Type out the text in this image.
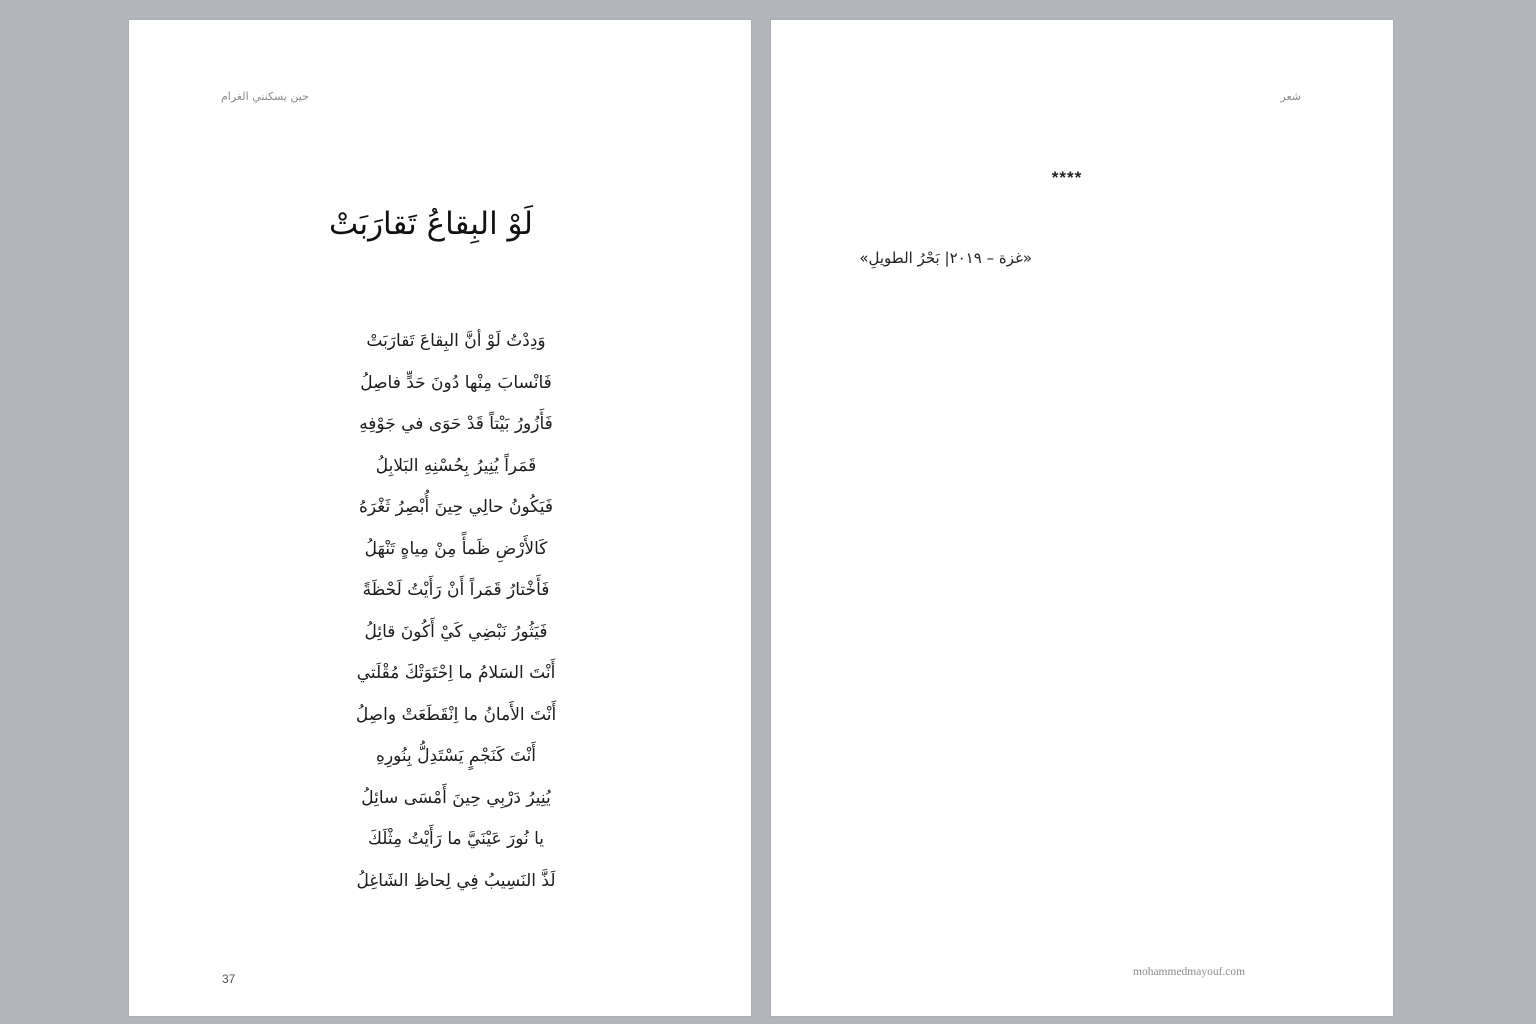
حين يسكنني الغرام
لَوْ البِقاعُ تَقارَبَتْ
وَدِدْتُ لَوْ أنَّ البِقاعَ تَقارَبَتْ
فَانْسابَ مِنْها دُونَ حَدٍّ فاصِلُ
فَأَزُورُ بَيْتاً قَدْ حَوَى في جَوْفِهِ
قَمَراً يُنِيرُ بِحُسْنِهِ البَلابِلُ
فَيَكُونُ حالِي حِينَ أُبْصِرُ ثَغْرَهُ
كَالأَرْضِ ظَمأً مِنْ مِياهٍ تَنْهَلُ
فَأَخْتارُ قَمَراً أَنْ رَأَيْتُ لَحْظَةً
فَيَثُورُ نَبْضِي كَيْ أَكُونَ قائِلُ
أَنْتَ السَلامُ ما اِحْتَوَتْكَ مُقْلَتي
أَنْتَ الأَمانُ ما اِنْقَطَعَتْ واصِلُ
أَنْتَ كَنَجْمٍ يَسْتَدِلُّ بِنُورِهِ
يُنِيرُ دَرْبِي حِينَ أَمْسَى سائِلُ
يا نُورَ عَيْنَيَّ ما رَأَيْتُ مِثْلَكَ
لَذَّ النَسِيبُ فِي لِحاظِ الشَاغِلُ
37
شعر
****
«غزة – ٢٠١٩| بَحْرُ الطويلِ»
mohammedmayouf.com
